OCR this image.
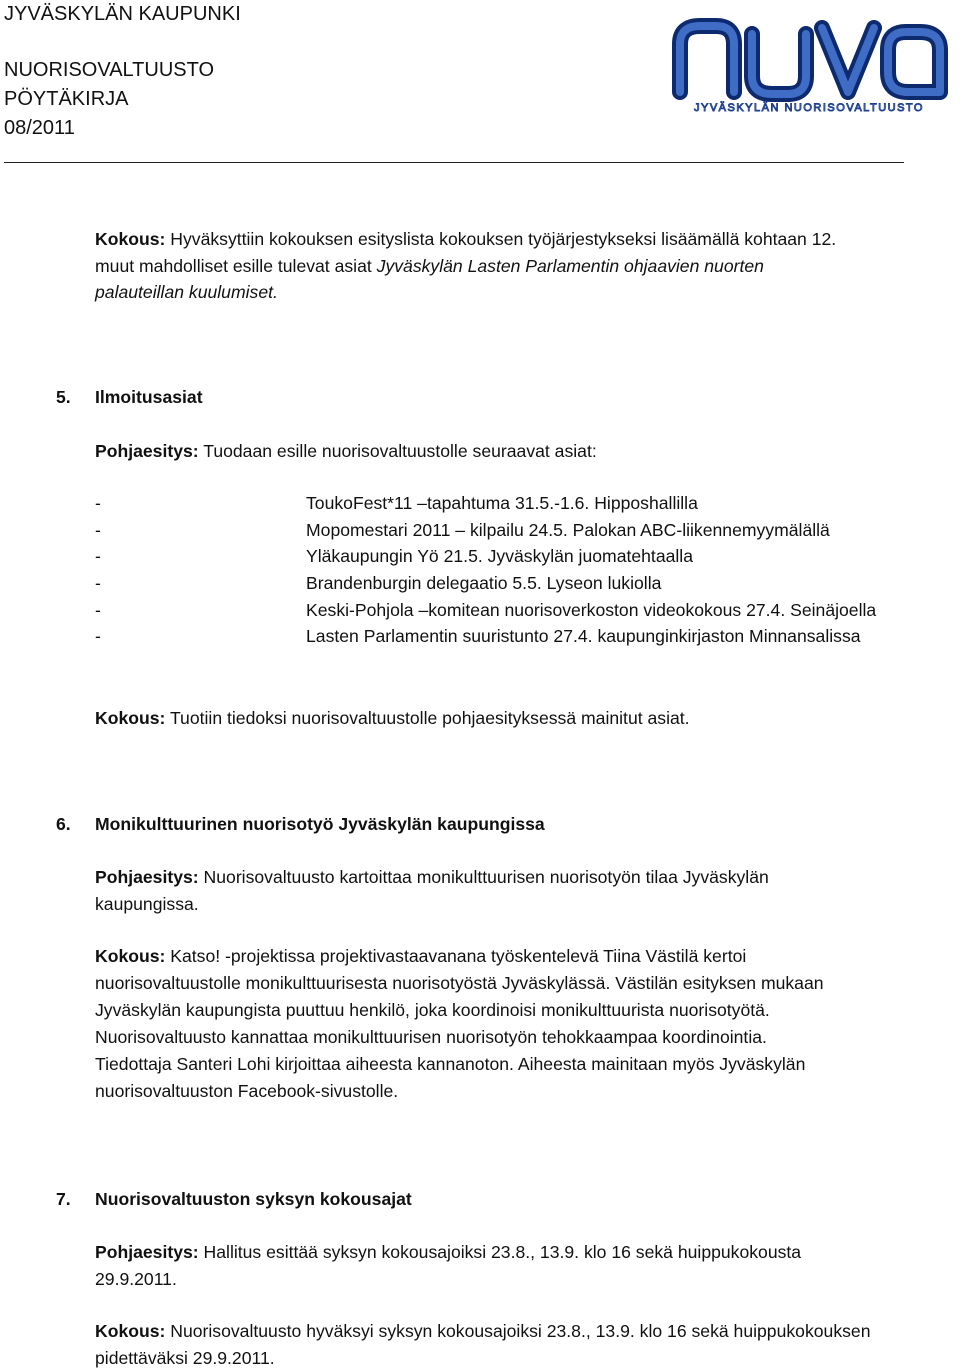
JYVÄSKYLÄN KAUPUNKI
NUORISOVALTUUSTO
PÖYTÄKIRJA
08/2011
JYVÄSKYLÄN NUORISOVALTUUSTO
Kokous: Hyväksyttiin kokouksen esityslista kokouksen työjärjestykseksi lisäämällä kohtaan 12.
muut mahdolliset esille tulevat asiat Jyväskylän Lasten Parlamentin ohjaavien nuorten
palauteillan kuulumiset.
5. Ilmoitusasiat
Pohjaesitys: Tuodaan esille nuorisovaltuustolle seuraavat asiat:
-	ToukoFest*11 –tapahtuma 31.5.-1.6. Hipposhallilla
-	Mopomestari 2011 – kilpailu 24.5. Palokan ABC-liikennemyymälällä
-	Yläkaupungin Yö 21.5. Jyväskylän juomatehtaalla
-	Brandenburgin delegaatio 5.5. Lyseon lukiolla
-	Keski-Pohjola –komitean nuorisoverkoston videokokous 27.4. Seinäjoella
-	Lasten Parlamentin suuristunto 27.4. kaupunginkirjaston Minnansalissa
Kokous: Tuotiin tiedoksi nuorisovaltuustolle pohjaesityksessä mainitut asiat.
6. Monikulttuurinen nuorisotyö Jyväskylän kaupungissa
Pohjaesitys: Nuorisovaltuusto kartoittaa monikulttuurisen nuorisotyön tilaa Jyväskylän
kaupungissa.
Kokous: Katso! -projektissa projektivastaavanana työskentelevä Tiina Västilä kertoi
nuorisovaltuustolle monikulttuurisesta nuorisotyöstä Jyväskylässä. Västilän esityksen mukaan
Jyväskylän kaupungista puuttuu henkilö, joka koordinoisi monikulttuurista nuorisotyötä.
Nuorisovaltuusto kannattaa monikulttuurisen nuorisotyön tehokkaampaa koordinointia.
Tiedottaja Santeri Lohi kirjoittaa aiheesta kannanoton. Aiheesta mainitaan myös Jyväskylän
nuorisovaltuuston Facebook-sivustolle.
7. Nuorisovaltuuston syksyn kokousajat
Pohjaesitys: Hallitus esittää syksyn kokousajoiksi 23.8., 13.9. klo 16 sekä huippukokousta
29.9.2011.
Kokous: Nuorisovaltuusto hyväksyi syksyn kokousajoiksi 23.8., 13.9. klo 16 sekä huippukokouksen
pidettäväksi 29.9.2011.
